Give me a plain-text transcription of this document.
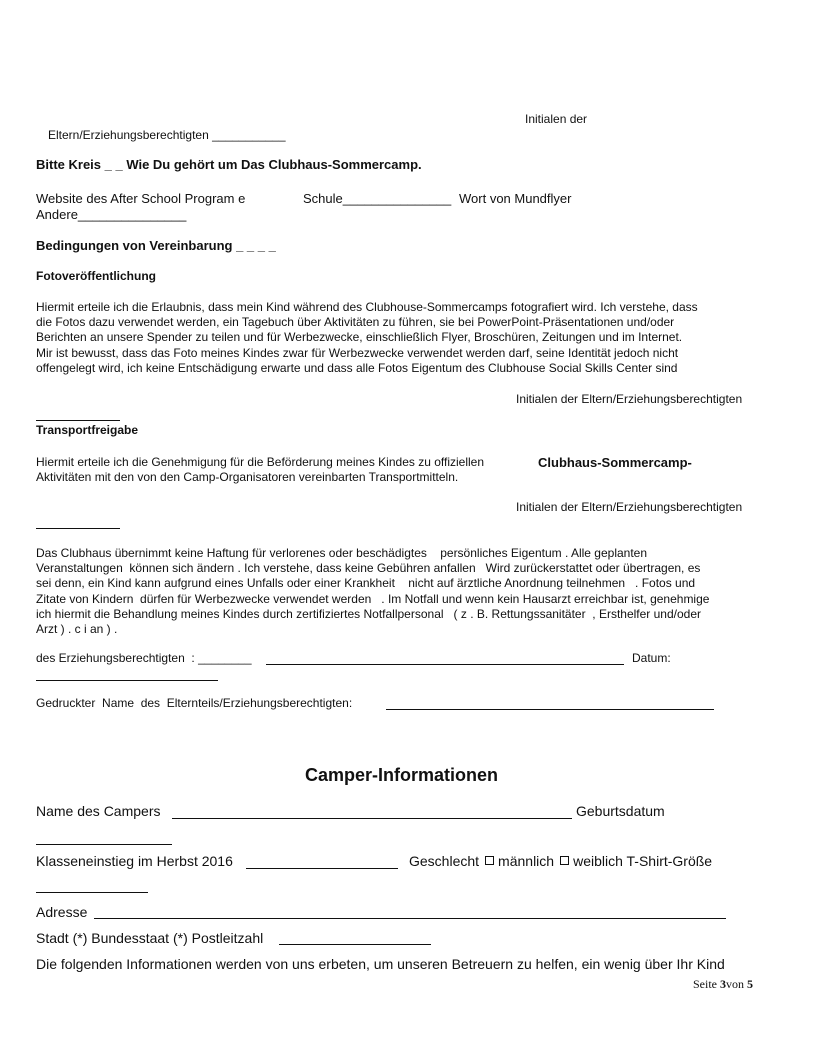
Initialen der
Eltern/Erziehungsberechtigten ___________
Bitte Kreis _ _ Wie Du gehört um Das Clubhaus-Sommercamp.
Website des After School Program e	Schule_______________ Wort von Mundflyer
Andere_______________
Bedingungen von Vereinbarung _ _ _ _
Fotoveröffentlichung
Hiermit erteile ich die Erlaubnis, dass mein Kind während des Clubhouse-Sommercamps fotografiert wird. Ich verstehe, dass
die Fotos dazu verwendet werden, ein Tagebuch über Aktivitäten zu führen, sie bei PowerPoint-Präsentationen und/oder
Berichten an unsere Spender zu teilen und für Werbezwecke, einschließlich Flyer, Broschüren, Zeitungen und im Internet.
Mir ist bewusst, dass das Foto meines Kindes zwar für Werbezwecke verwendet werden darf, seine Identität jedoch nicht
offengelegt wird, ich keine Entschädigung erwarte und dass alle Fotos Eigentum des Clubhouse Social Skills Center sind
Initialen der Eltern/Erziehungsberechtigten
Transportfreigabe
Hiermit erteile ich die Genehmigung für die Beförderung meines Kindes zu offiziellen	Clubhaus-Sommercamp-
Aktivitäten mit den von den Camp-Organisatoren vereinbarten Transportmitteln.
Initialen der Eltern/Erziehungsberechtigten
Das Clubhaus übernimmt keine Haftung für verlorenes oder beschädigtes    persönliches Eigentum . Alle geplanten
Veranstaltungen  können sich ändern . Ich verstehe, dass keine Gebühren anfallen   Wird zurückerstattet oder übertragen, es
sei denn, ein Kind kann aufgrund eines Unfalls oder einer Krankheit    nicht auf ärztliche Anordnung teilnehmen   . Fotos und
Zitate von Kindern  dürfen für Werbezwecke verwendet werden   . Im Notfall und wenn kein Hausarzt erreichbar ist, genehmige
ich hiermit die Behandlung meines Kindes durch zertifiziertes Notfallpersonal   ( z . B. Rettungssanitäter  , Ersthelfer und/oder
Arzt ) . c i an ) .
des Erziehungsberechtigten  : ________	Datum:
Gedruckter  Name  des  Elternteils/Erziehungsberechtigten:
Camper-Informationen
Name des Campers	Geburtsdatum
Klasseneinstieg im Herbst 2016	Geschlecht männlich weiblich T-Shirt-Größe
Adresse
Stadt (*) Bundesstaat (*) Postleitzahl
Die folgenden Informationen werden von uns erbeten, um unseren Betreuern zu helfen, ein wenig über Ihr Kind
Seite 3von 5
